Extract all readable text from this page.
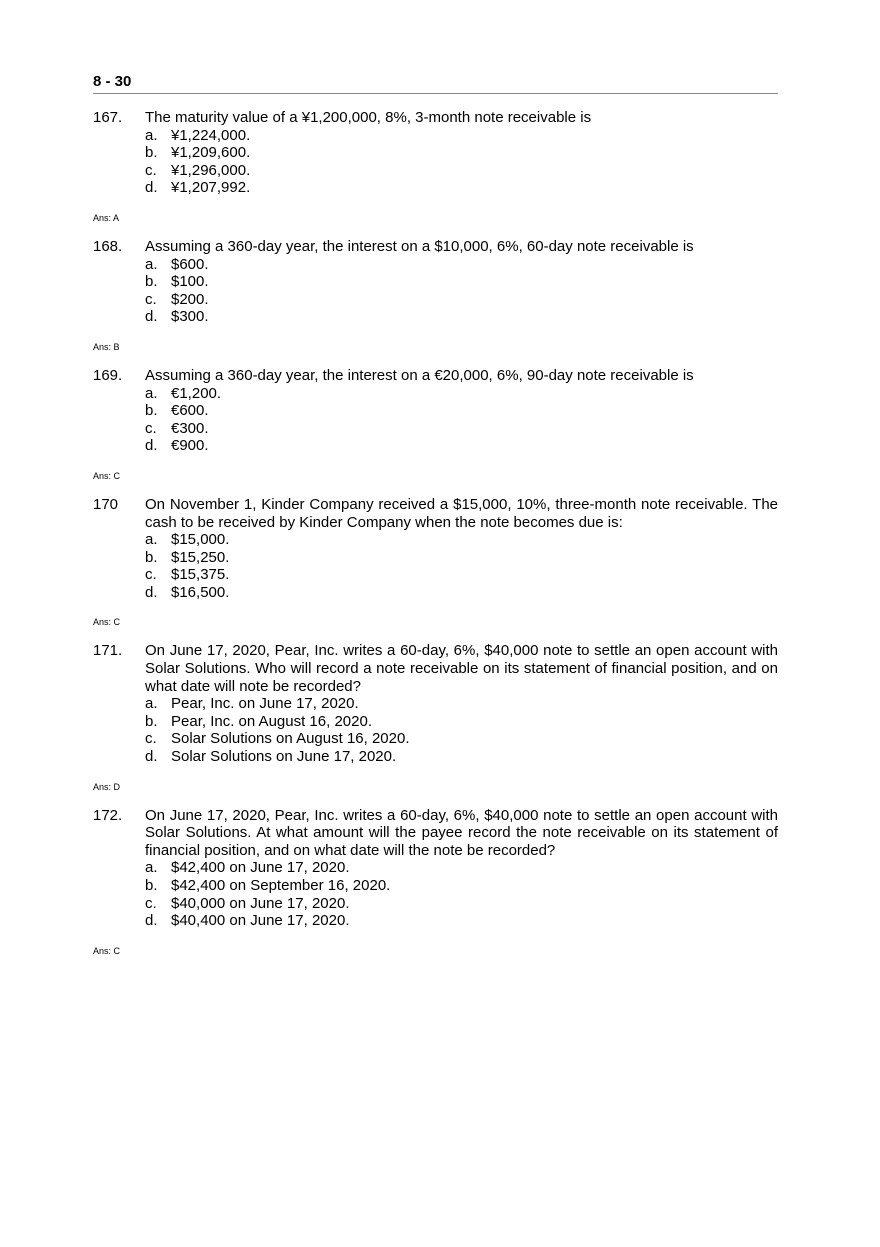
8 - 30
167. The maturity value of a ¥1,200,000, 8%, 3-month note receivable is
a. ¥1,224,000.
b. ¥1,209,600.
c. ¥1,296,000.
d. ¥1,207,992.
Ans: A
168. Assuming a 360-day year, the interest on a $10,000, 6%, 60-day note receivable is
a. $600.
b. $100.
c. $200.
d. $300.
Ans: B
169. Assuming a 360-day year, the interest on a €20,000, 6%, 90-day note receivable is
a. €1,200.
b. €600.
c. €300.
d. €900.
Ans: C
170 On November 1, Kinder Company received a $15,000, 10%, three-month note receivable. The cash to be received by Kinder Company when the note becomes due is:
a. $15,000.
b. $15,250.
c. $15,375.
d. $16,500.
Ans: C
171. On June 17, 2020, Pear, Inc. writes a 60-day, 6%, $40,000 note to settle an open account with Solar Solutions. Who will record a note receivable on its statement of financial position, and on what date will note be recorded?
a. Pear, Inc. on June 17, 2020.
b. Pear, Inc. on August 16, 2020.
c. Solar Solutions on August 16, 2020.
d. Solar Solutions on June 17, 2020.
Ans: D
172. On June 17, 2020, Pear, Inc. writes a 60-day, 6%, $40,000 note to settle an open account with Solar Solutions. At what amount will the payee record the note receivable on its statement of financial position, and on what date will the note be recorded?
a. $42,400 on June 17, 2020.
b. $42,400 on September 16, 2020.
c. $40,000 on June 17, 2020.
d. $40,400 on June 17, 2020.
Ans: C
